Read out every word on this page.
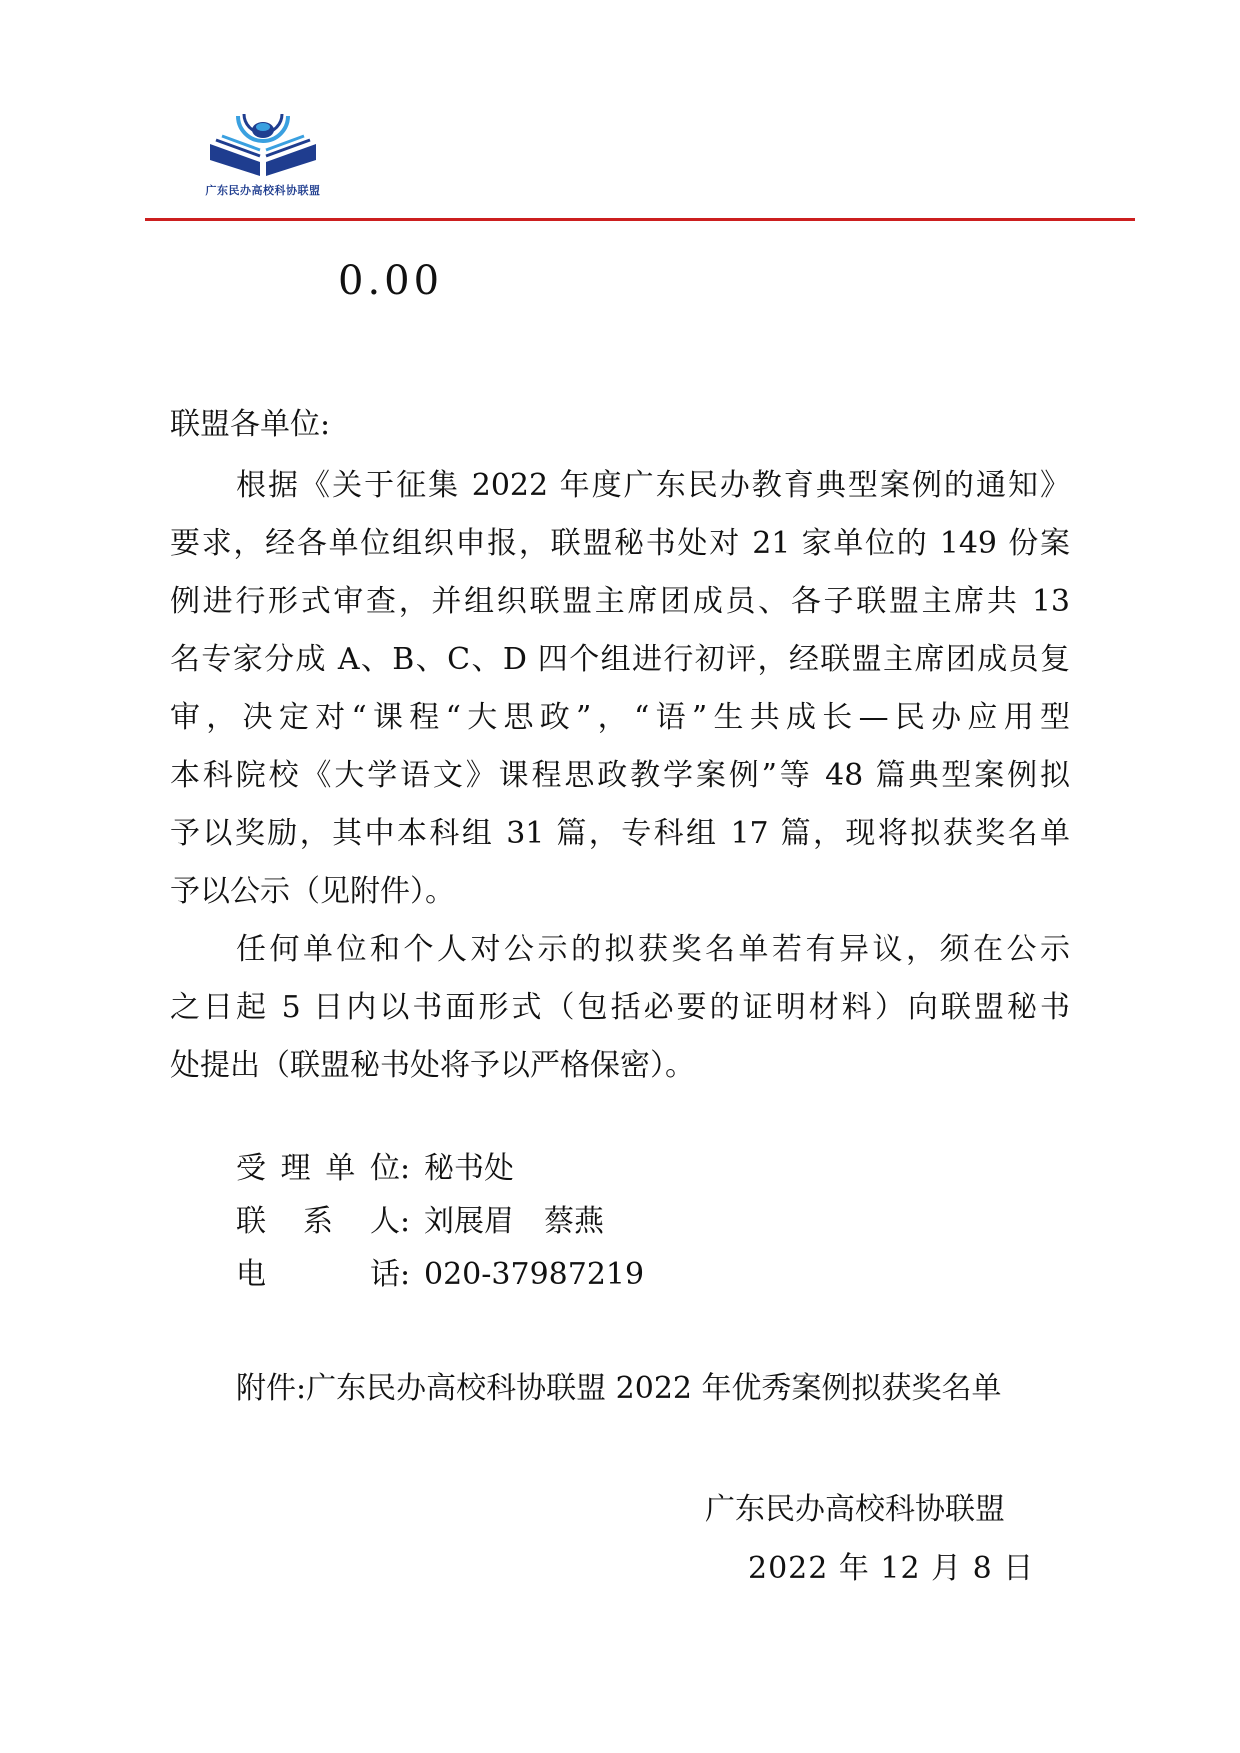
广东民办高校科协联盟
0.00
联盟各单位:
根据《关于征集 2022 年度广东民办教育典型案例的通知》
要求，经各单位组织申报，联盟秘书处对 21 家单位的 149 份案
例进行形式审查，并组织联盟主席团成员、各子联盟主席共 13
名专家分成 A、B、C、D 四个组进行初评，经联盟主席团成员复
审，决定对“课程“大思政”，“语”生共成长—民办应用型
本科院校《大学语文》课程思政教学案例”等 48 篇典型案例拟
予以奖励，其中本科组 31 篇，专科组 17 篇，现将拟获奖名单
予以公示（见附件）。
任何单位和个人对公示的拟获奖名单若有异议，须在公示
之日起 5 日内以书面形式（包括必要的证明材料）向联盟秘书
处提出（联盟秘书处将予以严格保密）。
受理单位 : 秘书处
联系人 : 刘展眉　蔡燕
电话 : 020-37987219
附件:广东民办高校科协联盟 2022 年优秀案例拟获奖名单
广东民办高校科协联盟
2022 年 12 月 8 日
